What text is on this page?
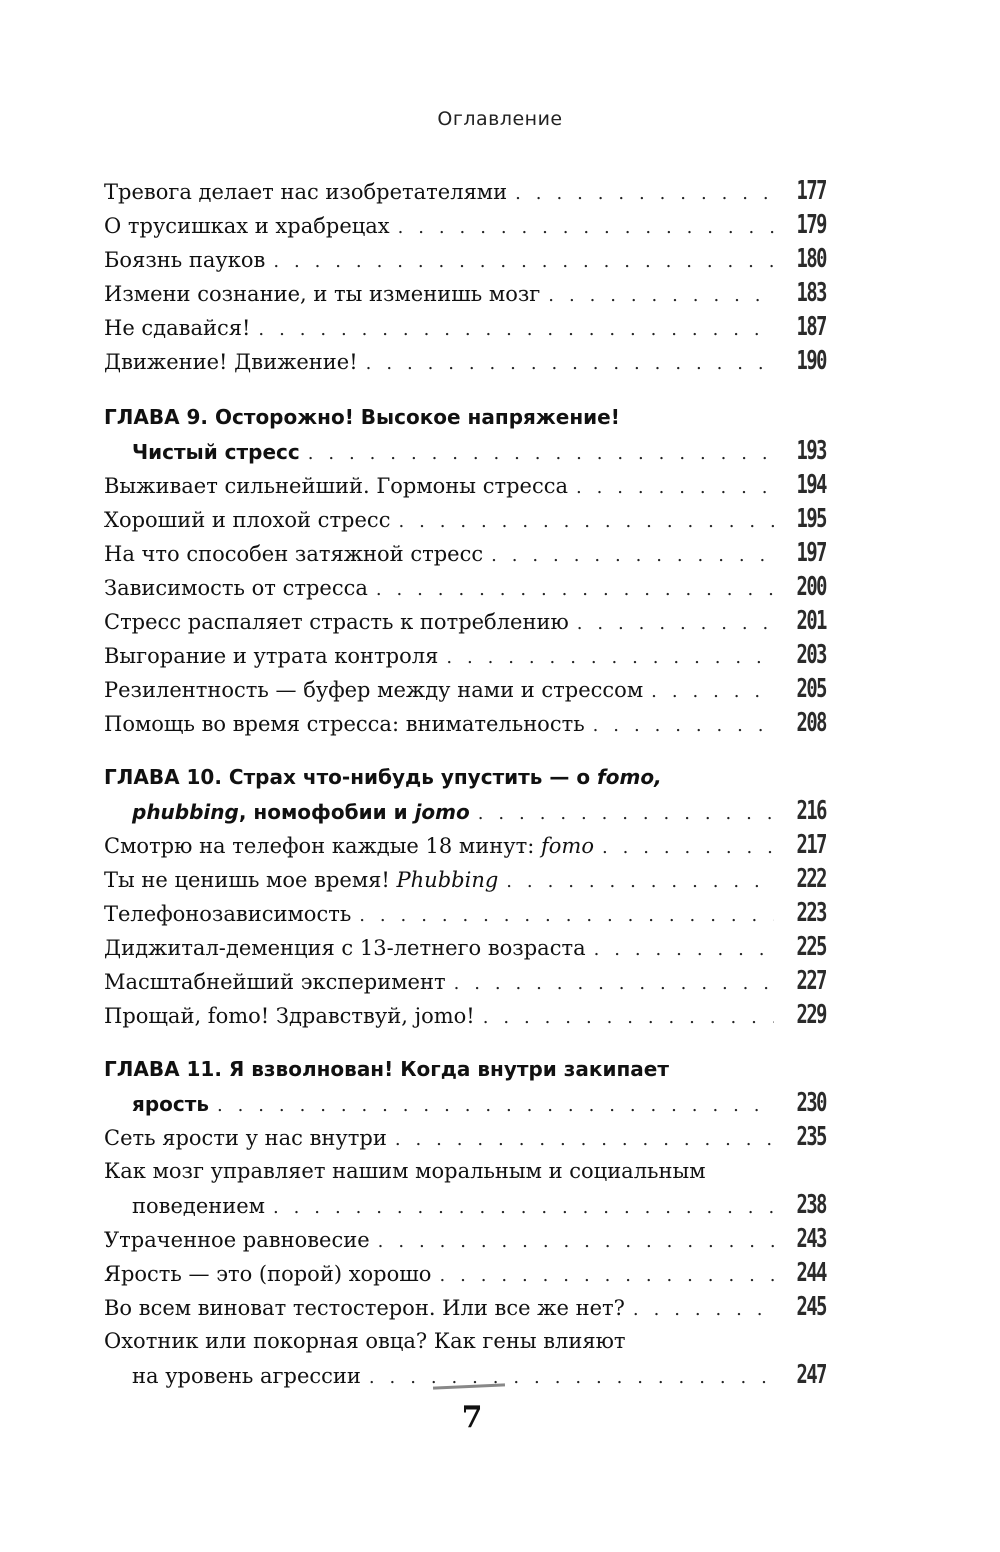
Оглавление
Тревога делает нас изобретателями . . .	177
О трусишках и храбрецах . . .	179
Боязнь пауков . . .	180
Измени сознание, и ты изменишь мозг . . .	183
Не сдавайся! . . .	187
Движение! Движение! . . .	190
ГЛАВА 9. Осторожно! Высокое напряжение!
Чистый стресс . . .	193
Выживает сильнейший. Гормоны стресса . . .	194
Хороший и плохой стресс . . .	195
На что способен затяжной стресс . . .	197
Зависимость от стресса . . .	200
Стресс распаляет страсть к потреблению . . .	201
Выгорание и утрата контроля . . .	203
Резилентность — буфер между нами и стрессом . . .	205
Помощь во время стресса: внимательность . . .	208
ГЛАВА 10. Страх что-нибудь упустить — о fomo,
phubbing, номофобии и jomo . . .	216
Смотрю на телефон каждые 18 минут: fomo . . .	217
Ты не ценишь мое время! Phubbing . . .	222
Телефонозависимость . . .	223
Диджитал-деменция с 13-летнего возраста . . .	225
Масштабнейший эксперимент . . .	227
Прощай, fomo! Здравствуй, jomo! . . .	229
ГЛАВА 11. Я взволнован! Когда внутри закипает
ярость . . .	230
Сеть ярости у нас внутри . . .	235
Как мозг управляет нашим моральным и социальным
поведением . . .	238
Утраченное равновесие . . .	243
Ярость — это (порой) хорошо . . .	244
Во всем виноват тестостерон. Или все же нет? . . .	245
Охотник или покорная овца? Как гены влияют
на уровень агрессии . . .	247
7
